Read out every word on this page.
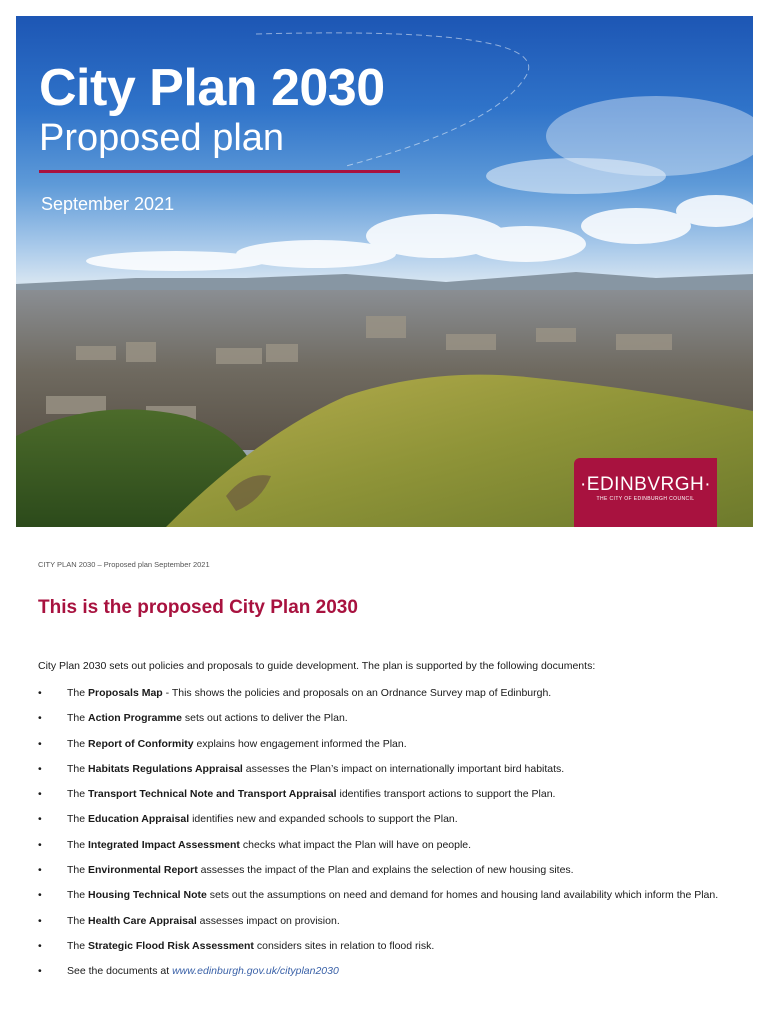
City Plan 2030
Proposed plan
September 2021
·EDINBVRGH·
THE CITY OF EDINBURGH COUNCIL
CITY PLAN 2030 – Proposed plan September 2021
This is the proposed City Plan 2030

City Plan 2030 sets out policies and proposals to guide development. The plan is supported by the following documents:

•	The Proposals Map - This shows the policies and proposals on an Ordnance Survey map of Edinburgh.
•	The Action Programme sets out actions to deliver the Plan.
•	The Report of Conformity explains how engagement informed the Plan.
•	The Habitats Regulations Appraisal assesses the Plan’s impact on internationally important bird habitats.
•	The Transport Technical Note and Transport Appraisal identifies transport actions to support the Plan.
•	The Education Appraisal identifies new and expanded schools to support the Plan.
•	The Integrated Impact Assessment checks what impact the Plan will have on people.
•	The Environmental Report assesses the impact of the Plan and explains the selection of new housing sites.
•	The Housing Technical Note sets out the assumptions on need and demand for homes and housing land availability which inform the Plan.
•	The Health Care Appraisal assesses impact on provision.
•	The Strategic Flood Risk Assessment considers sites in relation to flood risk.
•	See the documents at www.edinburgh.gov.uk/cityplan2030
